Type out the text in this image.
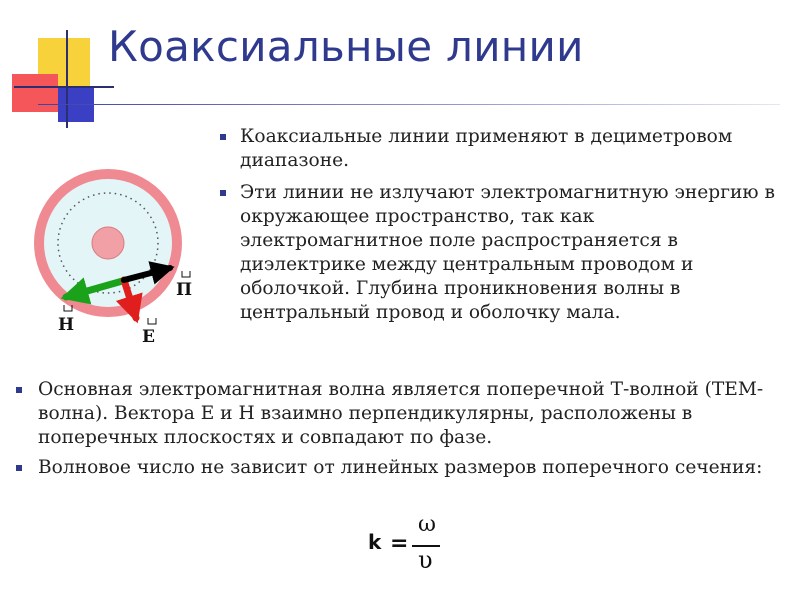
Коаксиальные линии
H
E
П
Коаксиальные линии применяют в дециметровом диапазоне.
Эти линии не излучают электромагнитную энергию в окружающее пространство, так как электромагнитное поле распространяется в диэлектрике между центральным проводом и оболочкой. Глубина проникновения волны в центральный провод и оболочку мала.
Основная электромагнитная волна является поперечной Т-волной (ТЕМ-волна). Вектора Е и Н взаимно перпендикулярны, расположены в поперечных плоскостях и совпадают по фазе.
Волновое число не зависит от линейных размеров поперечного сечения:
k =
ω
υ
